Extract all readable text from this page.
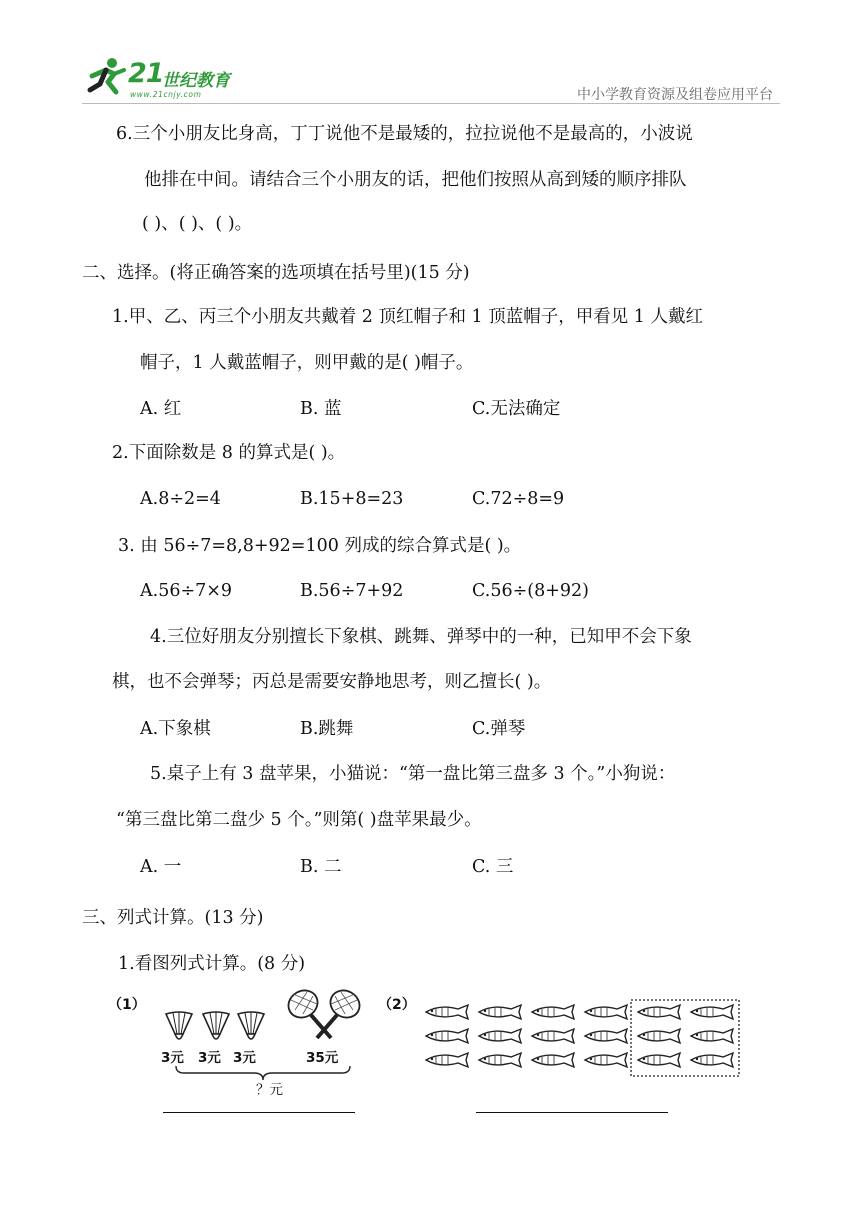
21
世纪教育
www.21cnjy.com	中小学教育资源及组卷应用平台
6.三个小朋友比身高，丁丁说他不是最矮的，拉拉说他不是最高的，小波说
他排在中间。请结合三个小朋友的话，把他们按照从高到矮的顺序排队
( )、( )、( )。
二、选择。(将正确答案的选项填在括号里)(15 分)
1.甲、乙、丙三个小朋友共戴着 2 顶红帽子和 1 顶蓝帽子，甲看见 1 人戴红
帽子，1 人戴蓝帽子，则甲戴的是( )帽子。
A. 红	B. 蓝	C.无法确定
2.下面除数是 8 的算式是( )。
A.8÷2=4	B.15+8=23	C.72÷8=9
3. 由 56÷7=8,8+92=100 列成的综合算式是( )。
A.56÷7×9	B.56÷7+92	C.56÷(8+92)
4.三位好朋友分别擅长下象棋、跳舞、弹琴中的一种，已知甲不会下象
棋，也不会弹琴；丙总是需要安静地思考，则乙擅长( )。
A.下象棋	B.跳舞	C.弹琴
5.桌子上有 3 盘苹果，小猫说：“第一盘比第三盘多 3 个。”小狗说：
“第三盘比第二盘少 5 个。”则第( )盘苹果最少。
A. 一	B. 二	C. 三
三、列式计算。(13 分)
1.看图列式计算。(8 分)
（1）
3元 3元 3元	35元
？元
（2）
